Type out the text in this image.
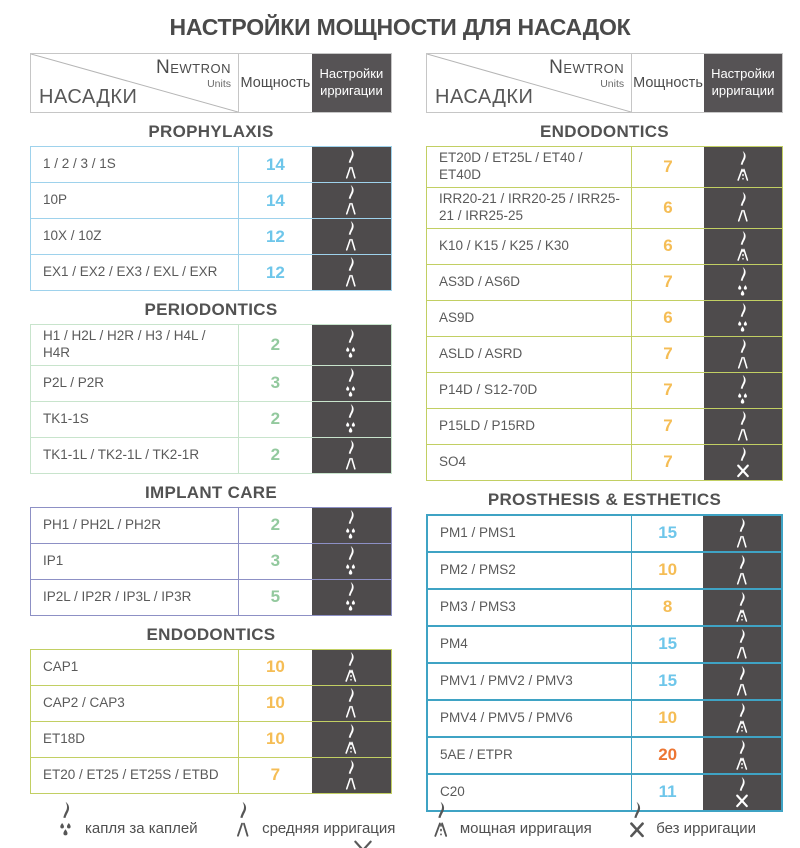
НАСТРОЙКИ МОЩНОСТИ ДЛЯ НАСАДОК
Newtron
Units
НАСАДКИ
Мощность
Настройки ирригации
PROPHYLAXIS
1 / 2 / 3 / 1S	14
10P	14
10X / 10Z	12
EX1 / EX2 / EX3 / EXL / EXR	12
PERIODONTICS
H1 / H2L / H2R / H3 / H4L / H4R	2
P2L / P2R	3
TK1-1S	2
TK1-1L / TK2-1L / TK2-1R	2
IMPLANT CARE
PH1 / PH2L / PH2R	2
IP1	3
IP2L / IP2R / IP3L / IP3R	5
ENDODONTICS
CAP1	10
CAP2 / CAP3	10
ET18D	10
ET20 / ET25 / ET25S / ETBD	7
Newtron
Units
НАСАДКИ
Мощность
Настройки ирригации
ENDODONTICS
ET20D / ET25L / ET40 / ET40D	7
IRR20-21 / IRR20-25 / IRR25-21 / IRR25-25	6
K10 / K15 / K25 / K30	6
AS3D / AS6D	7
AS9D	6
ASLD / ASRD	7
P14D / S12-70D	7
P15LD / P15RD	7
SO4	7
PROSTHESIS & ESTHETICS
PM1 / PMS1	15
PM2 / PMS2	10
PM3 / PMS3	8
PM4	15
PMV1 / PMV2 / PMV3	15
PMV4 / PMV5 / PMV6	10
5AE / ETPR	20
C20	11
капля за каплей	средняя ирригация	мощная ирригация	без ирригации
